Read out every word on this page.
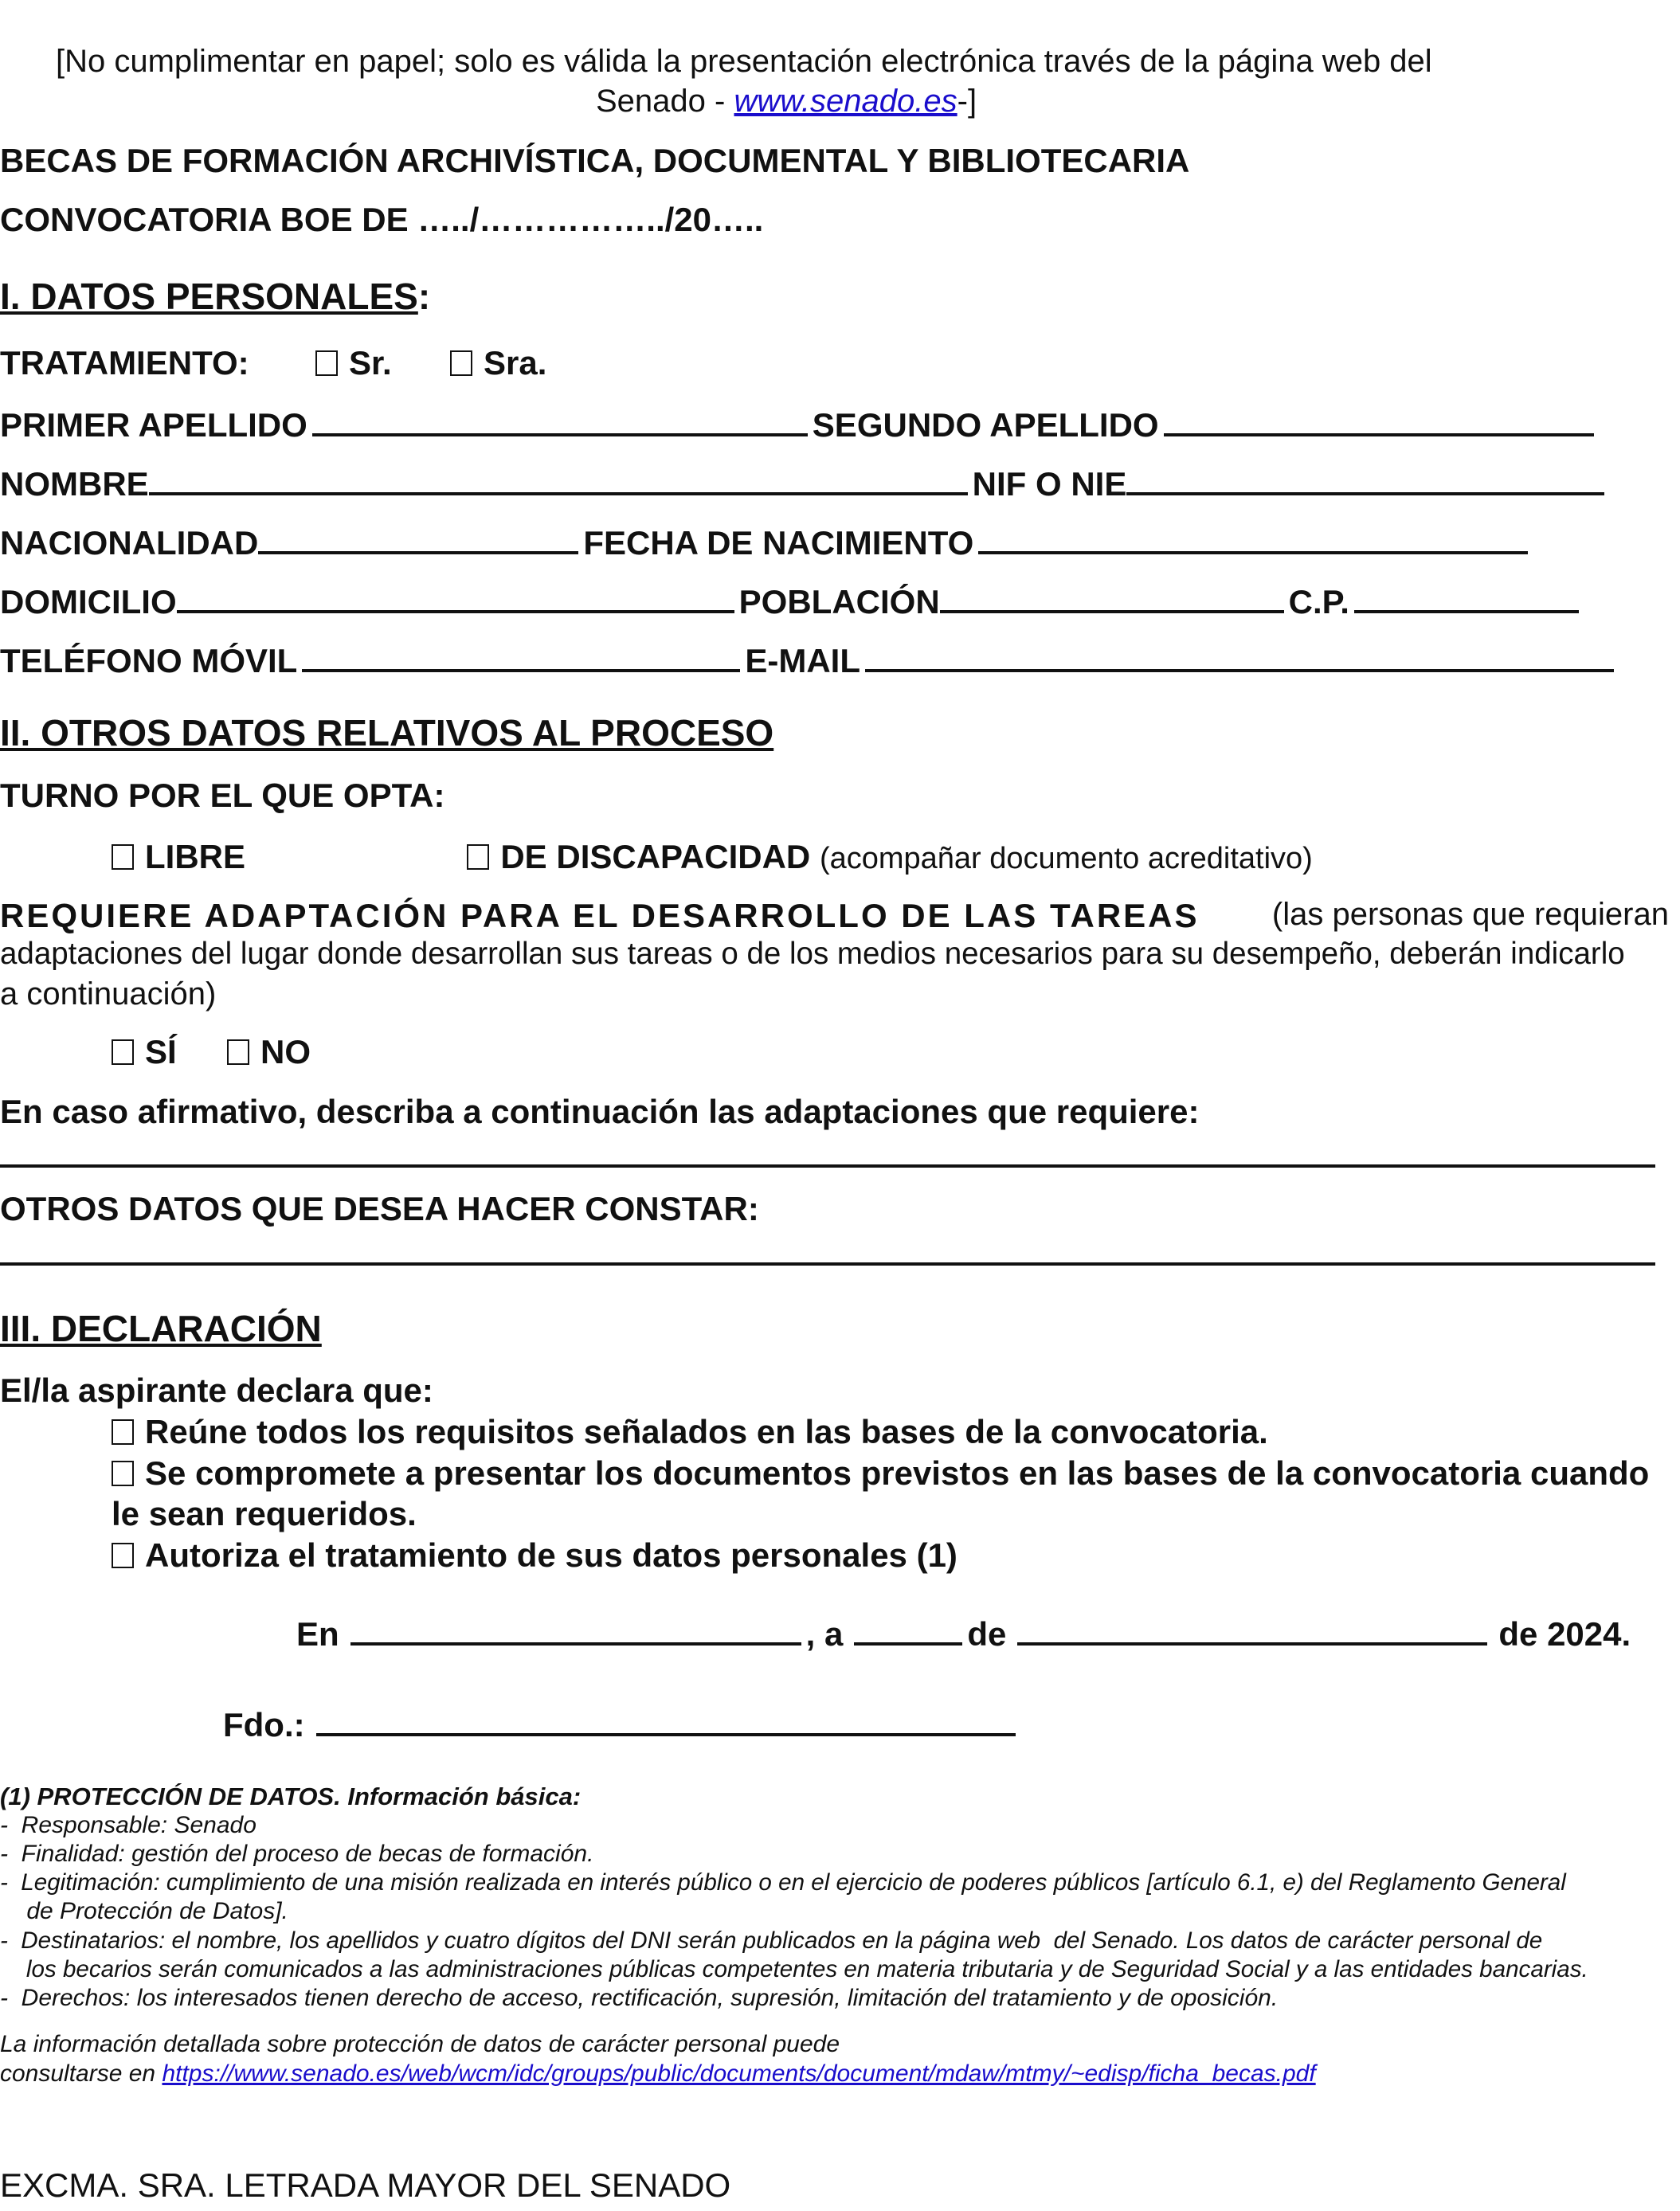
[No cumplimentar en papel; solo es válida la presentación electrónica través de la página web del
Senado - www.senado.es-]
BECAS DE FORMACIÓN ARCHIVÍSTICA, DOCUMENTAL Y BIBLIOTECARIA
CONVOCATORIA BOE DE …../……………../20…..
I. DATOS PERSONALES:
TRATAMIENTO:	Sr.	Sra.
PRIMER APELLIDO	SEGUNDO APELLIDO
NOMBRE	NIF O NIE
NACIONALIDAD	FECHA DE NACIMIENTO
DOMICILIO	POBLACIÓN	C.P.
TELÉFONO MÓVIL	E-MAIL
II. OTROS DATOS RELATIVOS AL PROCESO
TURNO POR EL QUE OPTA:
LIBRE	DE DISCAPACIDAD (acompañar documento acreditativo)
REQUIERE ADAPTACIÓN PARA EL DESARROLLO DE LAS TAREAS (las personas que requieran
adaptaciones del lugar donde desarrollan sus tareas o de los medios necesarios para su desempeño, deberán indicarlo
a continuación)
SÍ	NO
En caso afirmativo, describa a continuación las adaptaciones que requiere:
OTROS DATOS QUE DESEA HACER CONSTAR:
III. DECLARACIÓN
El/la aspirante declara que:
Reúne todos los requisitos señalados en las bases de la convocatoria.
Se compromete a presentar los documentos previstos en las bases de la convocatoria cuando
le sean requeridos.
Autoriza el tratamiento de sus datos personales (1)
En	, a	de	de 2024.
Fdo.:
(1) PROTECCIÓN DE DATOS. Información básica:
-  Responsable: Senado
-  Finalidad: gestión del proceso de becas de formación.
-  Legitimación: cumplimiento de una misión realizada en interés público o en el ejercicio de poderes públicos [artículo 6.1, e) del Reglamento General
de Protección de Datos].
-  Destinatarios: el nombre, los apellidos y cuatro dígitos del DNI serán publicados en la página web  del Senado. Los datos de carácter personal de
los becarios serán comunicados a las administraciones públicas competentes en materia tributaria y de Seguridad Social y a las entidades bancarias.
-  Derechos: los interesados tienen derecho de acceso, rectificación, supresión, limitación del tratamiento y de oposición.
La información detallada sobre protección de datos de carácter personal puede
consultarse en https://www.senado.es/web/wcm/idc/groups/public/documents/document/mdaw/mtmy/~edisp/ficha_becas.pdf
EXCMA. SRA. LETRADA MAYOR DEL SENADO
